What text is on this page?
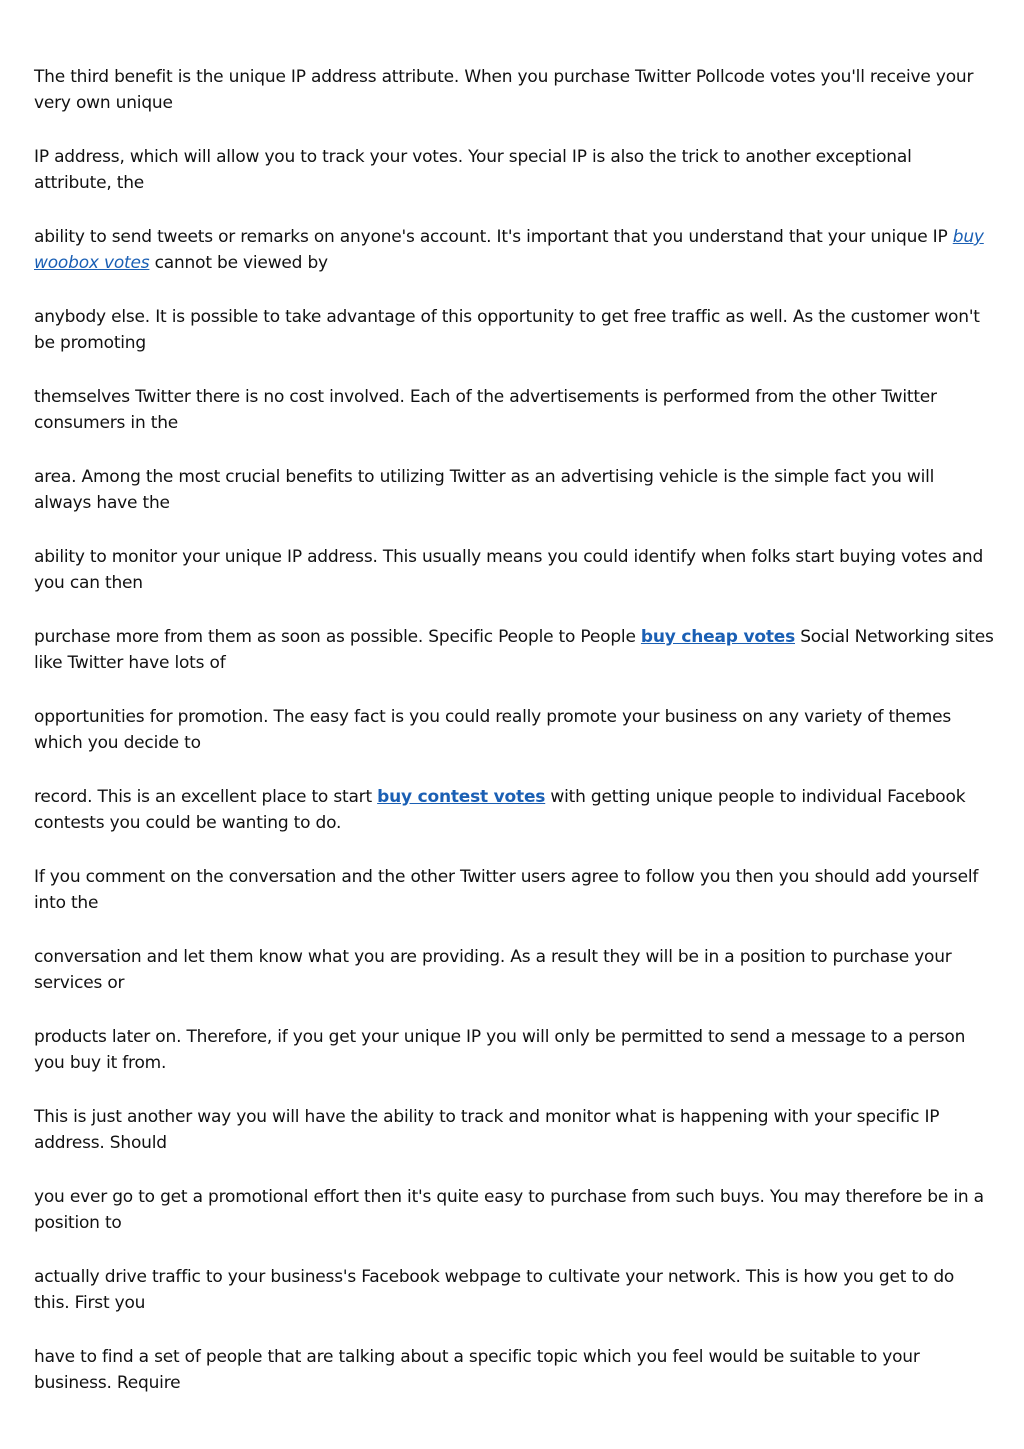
The third benefit is the unique IP address attribute. When you purchase Twitter Pollcode votes you'll receive your very own unique

IP address, which will allow you to track your votes. Your special IP is also the trick to another exceptional attribute, the

ability to send tweets or remarks on anyone's account. It's important that you understand that your unique IP buy woobox votes cannot be viewed by

anybody else. It is possible to take advantage of this opportunity to get free traffic as well. As the customer won't be promoting

themselves Twitter there is no cost involved. Each of the advertisements is performed from the other Twitter consumers in the

area. Among the most crucial benefits to utilizing Twitter as an advertising vehicle is the simple fact you will always have the

ability to monitor your unique IP address. This usually means you could identify when folks start buying votes and you can then

purchase more from them as soon as possible. Specific People to People buy cheap votes Social Networking sites like Twitter have lots of

opportunities for promotion. The easy fact is you could really promote your business on any variety of themes which you decide to

record. This is an excellent place to start buy contest votes with getting unique people to individual Facebook contests you could be wanting to do.

If you comment on the conversation and the other Twitter users agree to follow you then you should add yourself into the

conversation and let them know what you are providing. As a result they will be in a position to purchase your services or

products later on. Therefore, if you get your unique IP you will only be permitted to send a message to a person you buy it from.

This is just another way you will have the ability to track and monitor what is happening with your specific IP address. Should

you ever go to get a promotional effort then it's quite easy to purchase from such buys. You may therefore be in a position to

actually drive traffic to your business's Facebook webpage to cultivate your network. This is how you get to do this. First you

have to find a set of people that are talking about a specific topic which you feel would be suitable to your business. Require
